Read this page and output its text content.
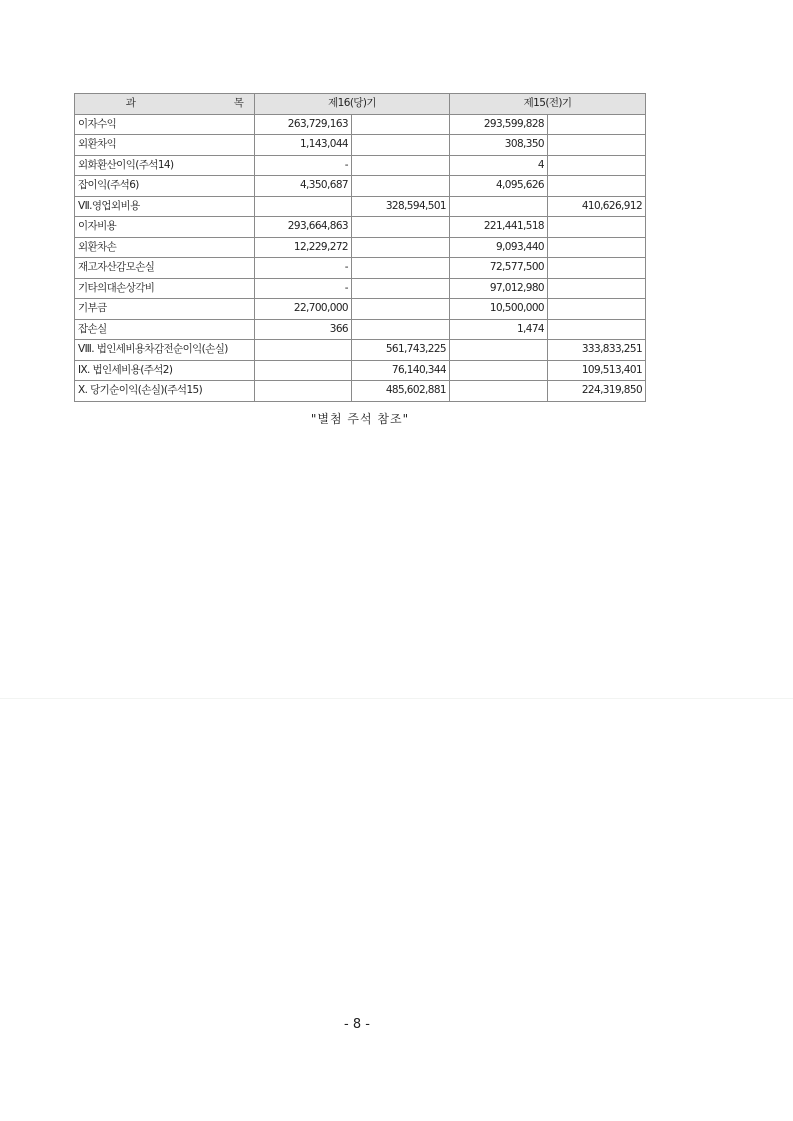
과 목	제16(당)기		제15(전)기	
이자수익	263,729,163		293,599,828	
외환차익	1,143,044		308,350	
외화환산이익(주석14)	-		4	
잡이익(주석6)	4,350,687		4,095,626	
Ⅶ.영업외비용		328,594,501		410,626,912
이자비용	293,664,863		221,441,518	
외환차손	12,229,272		9,093,440	
재고자산감모손실	-		72,577,500	
기타의대손상각비	-		97,012,980	
기부금	22,700,000		10,500,000	
잡손실	366		1,474	
Ⅷ. 법인세비용차감전순이익(손실)		561,743,225		333,833,251
Ⅸ. 법인세비용(주석2)		76,140,344		109,513,401
Ⅹ. 당기순이익(손실)(주석15)		485,602,881		224,319,850
"별첨 주석 참조"
- 8 -
